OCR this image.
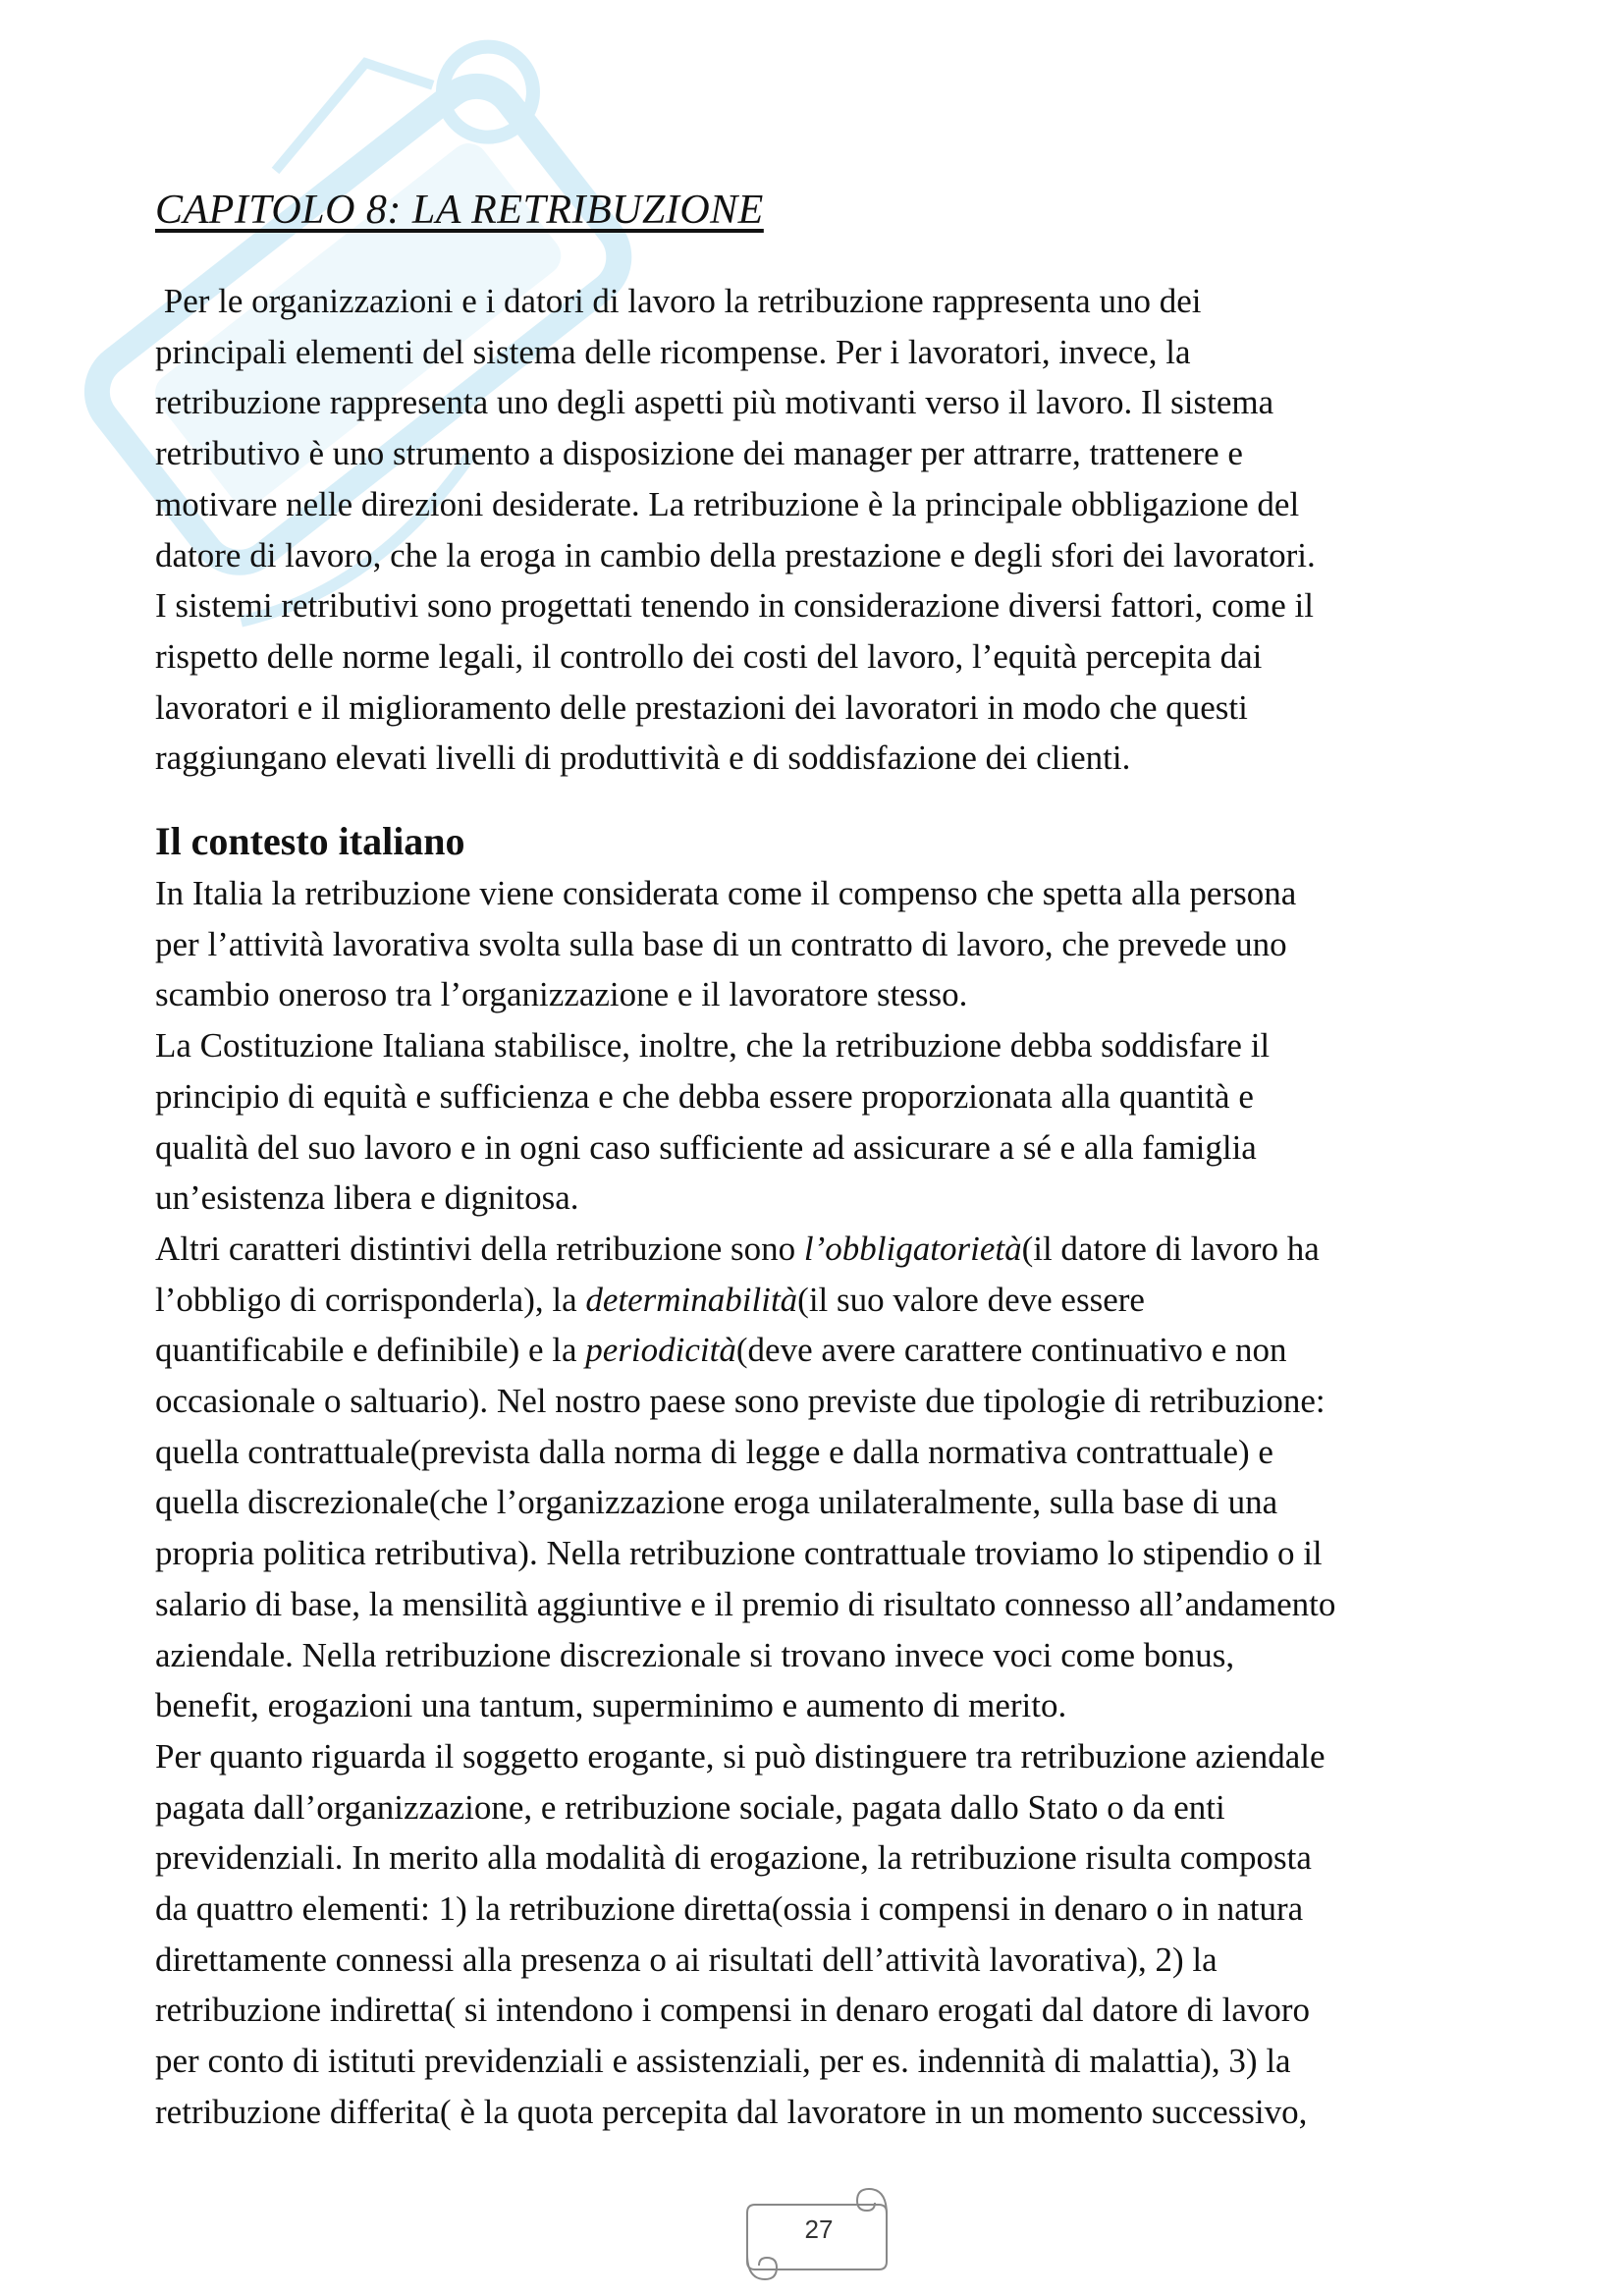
CAPITOLO 8: LA RETRIBUZIONE

Per le organizzazioni e i datori di lavoro la retribuzione rappresenta uno dei
principali elementi del sistema delle ricompense. Per i lavoratori, invece, la
retribuzione rappresenta uno degli aspetti più motivanti verso il lavoro. Il sistema
retributivo è uno strumento a disposizione dei manager per attrarre, trattenere e
motivare nelle direzioni desiderate. La retribuzione è la principale obbligazione del
datore di lavoro, che la eroga in cambio della prestazione e degli sfori dei lavoratori.
I sistemi retributivi sono progettati tenendo in considerazione diversi fattori, come il
rispetto delle norme legali, il controllo dei costi del lavoro, l’equità percepita dai
lavoratori e il miglioramento delle prestazioni dei lavoratori in modo che questi
raggiungano elevati livelli di produttività e di soddisfazione dei clienti.

Il contesto italiano

In Italia la retribuzione viene considerata come il compenso che spetta alla persona
per l’attività lavorativa svolta sulla base di un contratto di lavoro, che prevede uno
scambio oneroso tra l’organizzazione e il lavoratore stesso.
La Costituzione Italiana stabilisce, inoltre, che la retribuzione debba soddisfare il
principio di equità e sufficienza e che debba essere proporzionata alla quantità e
qualità del suo lavoro e in ogni caso sufficiente ad assicurare a sé e alla famiglia
un’esistenza libera e dignitosa.
Altri caratteri distintivi della retribuzione sono l’obbligatorietà(il datore di lavoro ha
l’obbligo di corrisponderla), la determinabilità(il suo valore deve essere
quantificabile e definibile) e la periodicità(deve avere carattere continuativo e non
occasionale o saltuario). Nel nostro paese sono previste due tipologie di retribuzione:
quella contrattuale(prevista dalla norma di legge e dalla normativa contrattuale) e
quella discrezionale(che l’organizzazione eroga unilateralmente, sulla base di una
propria politica retributiva). Nella retribuzione contrattuale troviamo lo stipendio o il
salario di base, la mensilità aggiuntive e il premio di risultato connesso all’andamento
aziendale. Nella retribuzione discrezionale si trovano invece voci come bonus,
benefit, erogazioni una tantum, superminimo e aumento di merito.
Per quanto riguarda il soggetto erogante, si può distinguere tra retribuzione aziendale
pagata dall’organizzazione, e retribuzione sociale, pagata dallo Stato o da enti
previdenziali. In merito alla modalità di erogazione, la retribuzione risulta composta
da quattro elementi: 1) la retribuzione diretta(ossia i compensi in denaro o in natura
direttamente connessi alla presenza o ai risultati dell’attività lavorativa), 2) la
retribuzione indiretta( si intendono i compensi in denaro erogati dal datore di lavoro
per conto di istituti previdenziali e assistenziali, per es. indennità di malattia), 3) la
retribuzione differita( è la quota percepita dal lavoratore in un momento successivo,

27
